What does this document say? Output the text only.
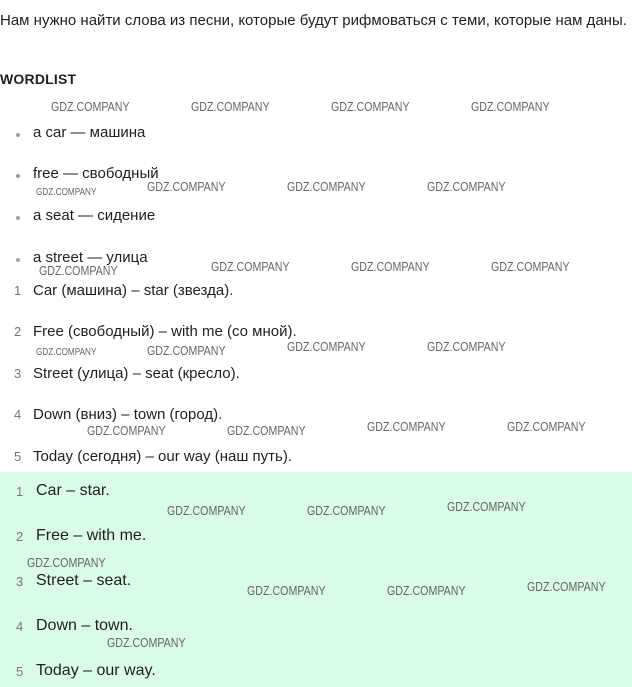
Нам нужно найти слова из песни, которые будут рифмоваться с теми, которые нам даны.
WORDLIST
a car — машина
free — свободный
a seat — сидение
a street — улица
1 Car (машина) – star (звезда).
2 Free (свободный) – with me (со мной).
3 Street (улица) – seat (кресло).
4 Down (вниз) – town (город).
5 Today (сегодня) – our way (наш путь).
1 Car – star.
2 Free – with me.
3 Street – seat.
4 Down – town.
5 Today – our way.
GDZ.COMPANY	GDZ.COMPANY	GDZ.COMPANY	GDZ.COMPANY
GDZ.COMPANY	GDZ.COMPANY	GDZ.COMPANY	GDZ.COMPANY
GDZ.COMPANY	GDZ.COMPANY	GDZ.COMPANY	GDZ.COMPANY
GDZ.COMPANY	GDZ.COMPANY	GDZ.COMPANY	GDZ.COMPANY
GDZ.COMPANY	GDZ.COMPANY	GDZ.COMPANY	GDZ.COMPANY
GDZ.COMPANY	GDZ.COMPANY	GDZ.COMPANY
GDZ.COMPANY
GDZ.COMPANY	GDZ.COMPANY	GDZ.COMPANY
GDZ.COMPANY
